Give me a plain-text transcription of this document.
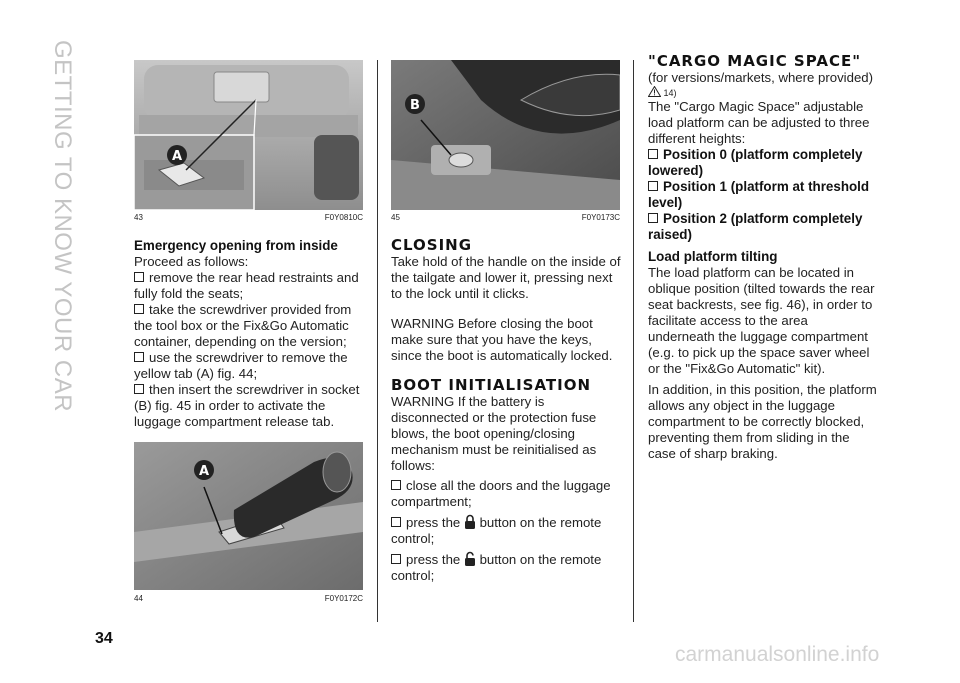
GETTING TO KNOW YOUR CAR	A
43	F0Y0810C
Emergency opening from inside

Proceed as follows:

remove the rear head restraints and fully fold the seats;

take the screwdriver provided from the tool box or the Fix&Go Automatic container, depending on the version;

use the screwdriver to remove the yellow tab (A) fig. 44;

then insert the screwdriver in socket (B) fig. 45 in order to activate the luggage compartment release tab.

A
44	F0Y0172C
B
45	F0Y0173C
CLOSING

Take hold of the handle on the inside of the tailgate and lower it, pressing next to the lock until it clicks.

WARNING Before closing the boot make sure that you have the keys, since the boot is automatically locked.

BOOT INITIALISATION

WARNING If the battery is disconnected or the protection fuse blows, the boot opening/closing mechanism must be reinitialised as follows:

close all the doors and the luggage compartment;

press the button on the remote control;

press the button on the remote control;

"CARGO MAGIC SPACE"

(for versions/markets, where provided)

14)

The "Cargo Magic Space" adjustable load platform can be adjusted to three different heights:

Position 0 (platform completely lowered)
Position 1 (platform at threshold level)
Position 2 (platform completely raised)
Load platform tilting

The load platform can be located in oblique position (tilted towards the rear seat backrests, see fig. 46), in order to facilitate access to the area underneath the luggage compartment (e.g. to pick up the space saver wheel or the "Fix&Go Automatic" kit).

In addition, in this position, the platform allows any object in the luggage compartment to be correctly blocked, preventing them from sliding in the case of sharp braking.

34
carmanualsonline.info
